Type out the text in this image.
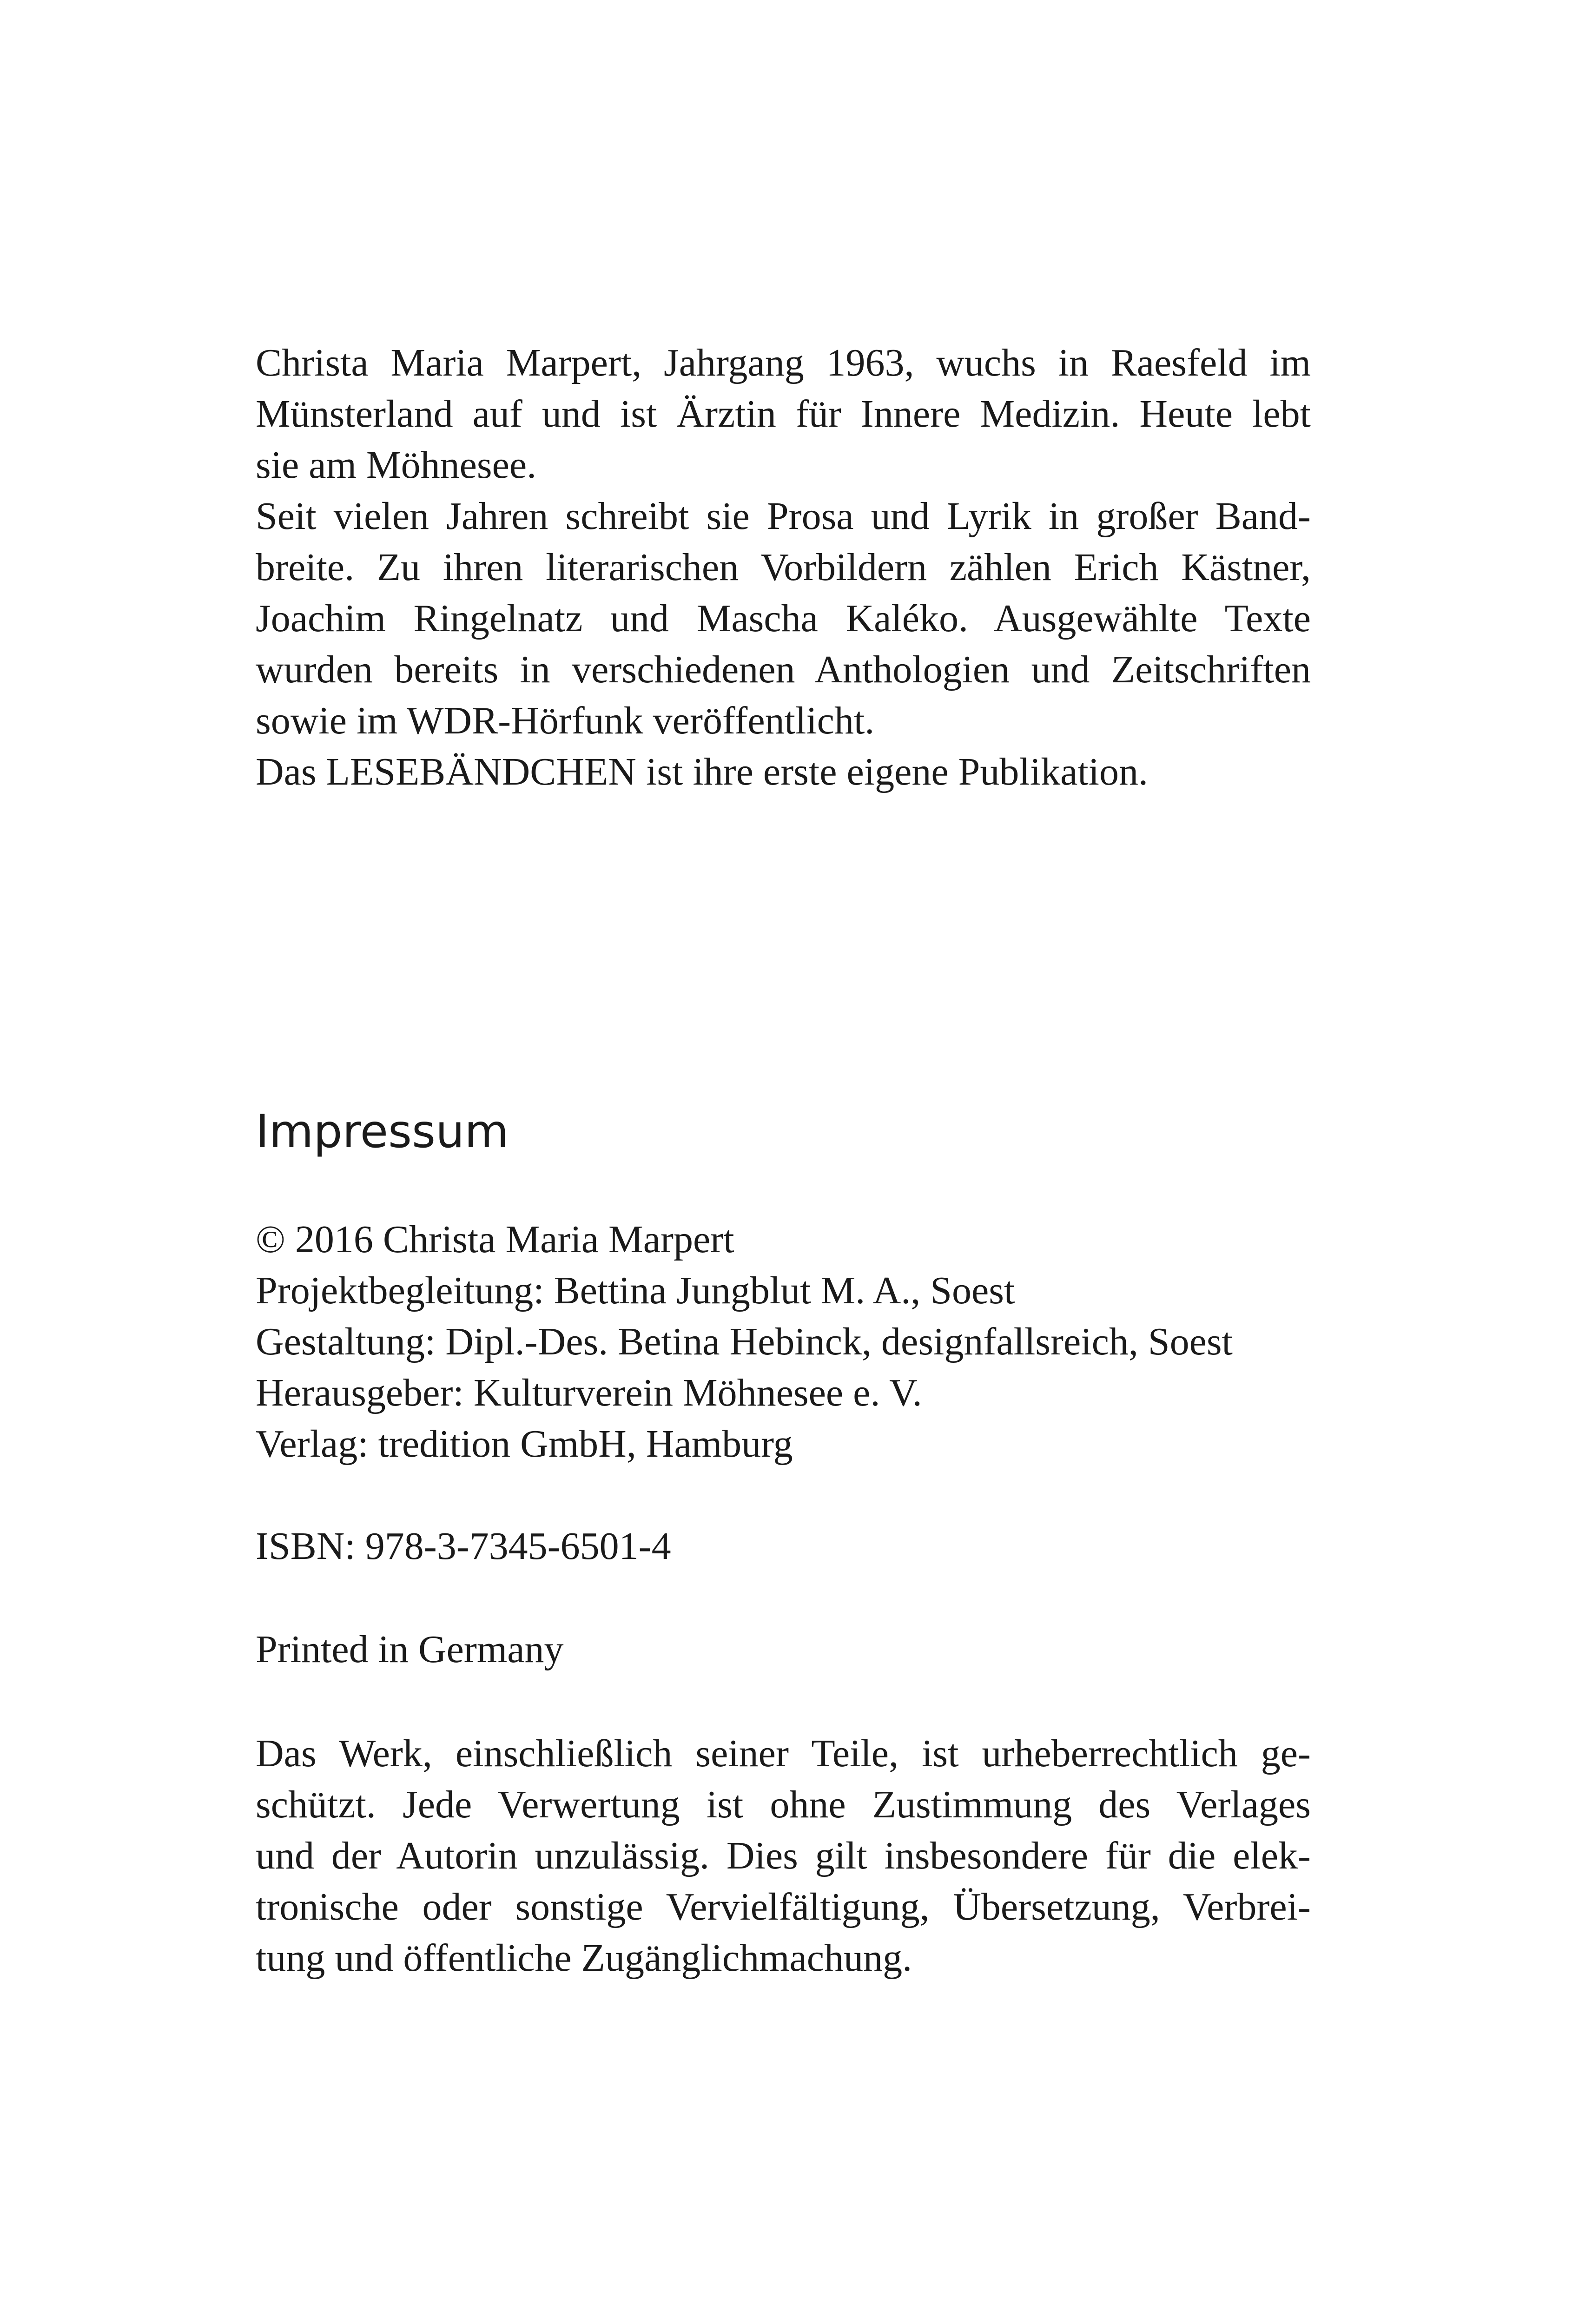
Christa Maria Marpert, Jahrgang 1963, wuchs in Raesfeld im
Münsterland auf und ist Ärztin für Innere Medizin. Heute lebt
sie am Möhnesee.
Seit vielen Jahren schreibt sie Prosa und Lyrik in großer Band-
breite. Zu ihren literarischen Vorbildern zählen Erich Kästner,
Joachim Ringelnatz und Mascha Kaléko. Ausgewählte Texte
wurden bereits in verschiedenen Anthologien und Zeitschriften
sowie im WDR-Hörfunk veröffentlicht.
Das LESEBÄNDCHEN ist ihre erste eigene Publikation.
Impressum
© 2016 Christa Maria Marpert
Projektbegleitung: Bettina Jungblut M. A., Soest
Gestaltung: Dipl.-Des. Betina Hebinck, designfallsreich, Soest
Herausgeber: Kulturverein Möhnesee e. V.
Verlag: tredition GmbH, Hamburg
ISBN: 978-3-7345-6501-4
Printed in Germany
Das Werk, einschließlich seiner Teile, ist urheberrechtlich ge-
schützt. Jede Verwertung ist ohne Zustimmung des Verlages
und der Autorin unzulässig. Dies gilt insbesondere für die elek-
tronische oder sonstige Vervielfältigung, Übersetzung, Verbrei-
tung und öffentliche Zugänglichmachung.
